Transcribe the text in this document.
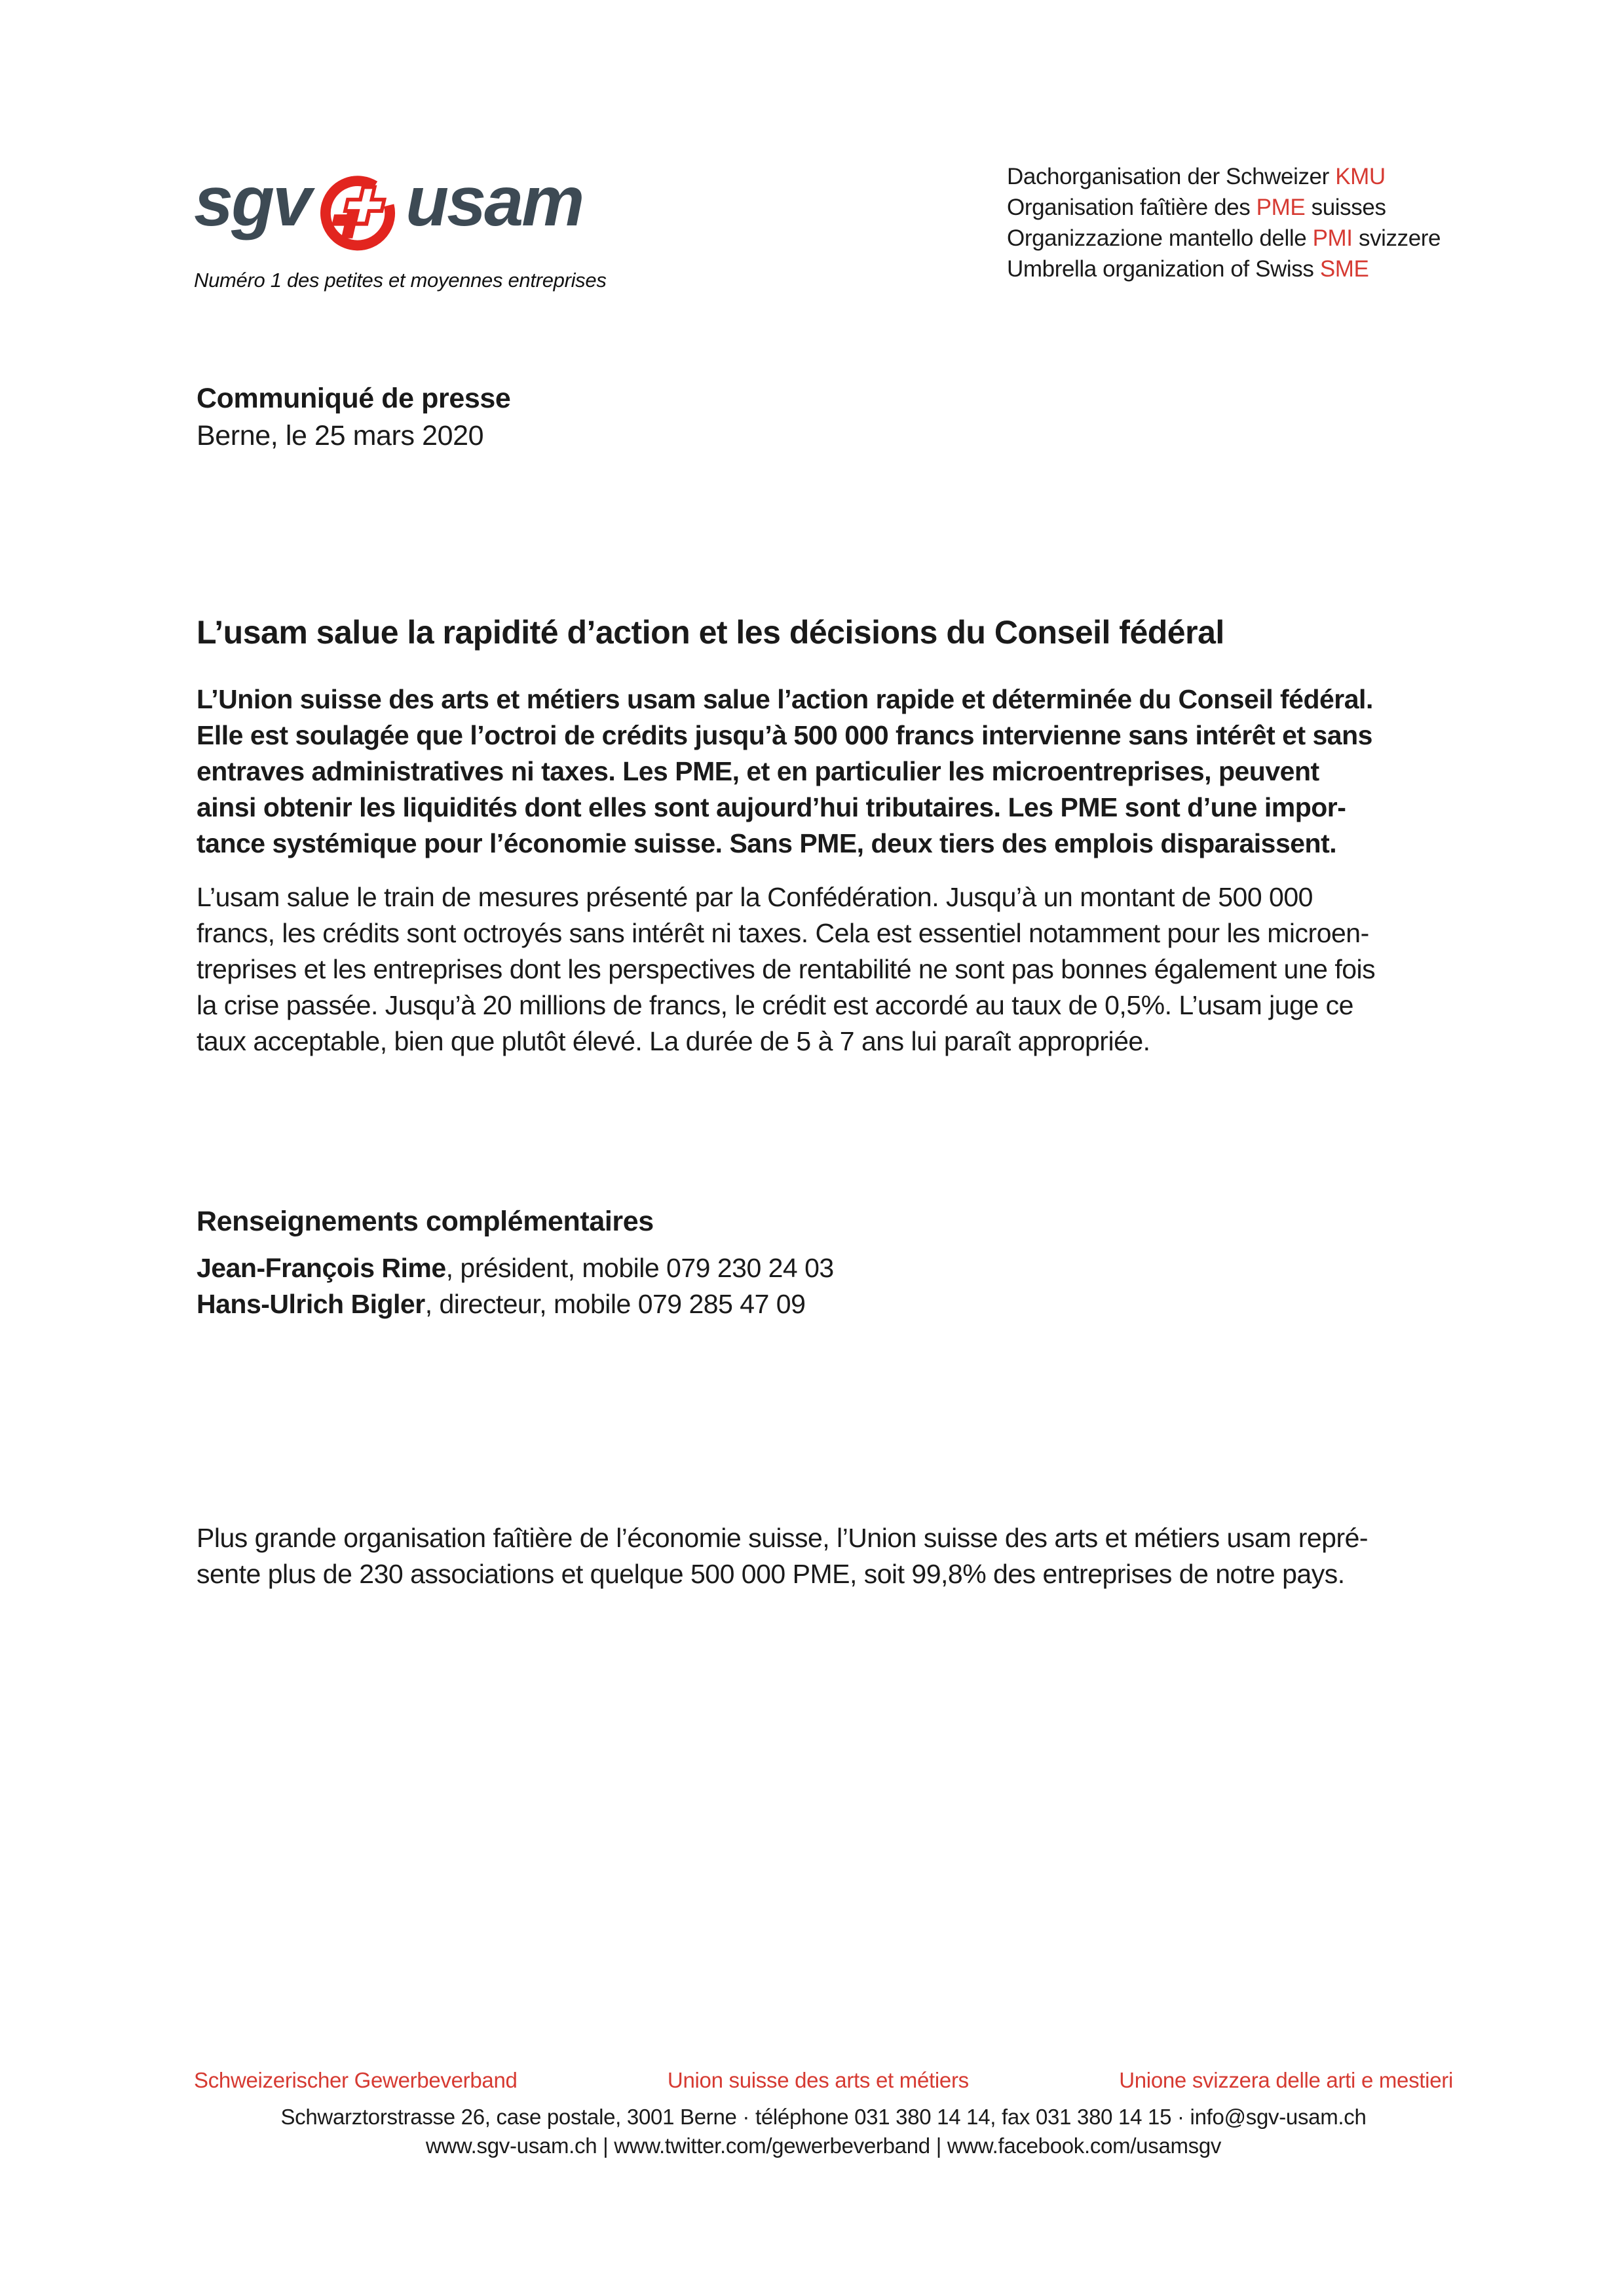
sgv usam
Numéro 1 des petites et moyennes entreprises
Dachorganisation der Schweizer KMU
Organisation faîtière des PME suisses
Organizzazione mantello delle PMI svizzere
Umbrella organization of Swiss SME
Communiqué de presse
Berne, le 25 mars 2020
L’usam salue la rapidité d’action et les décisions du Conseil fédéral
L’Union suisse des arts et métiers usam salue l’action rapide et déterminée du Conseil fédéral.
Elle est soulagée que l’octroi de crédits jusqu’à 500 000 francs intervienne sans intérêt et sans
entraves administratives ni taxes. Les PME, et en particulier les microentreprises, peuvent
ainsi obtenir les liquidités dont elles sont aujourd’hui tributaires. Les PME sont d’une impor-
tance systémique pour l’économie suisse. Sans PME, deux tiers des emplois disparaissent.
L’usam salue le train de mesures présenté par la Confédération. Jusqu’à un montant de 500 000
francs, les crédits sont octroyés sans intérêt ni taxes. Cela est essentiel notamment pour les microen-
treprises et les entreprises dont les perspectives de rentabilité ne sont pas bonnes également une fois
la crise passée. Jusqu’à 20 millions de francs, le crédit est accordé au taux de 0,5%. L’usam juge ce
taux acceptable, bien que plutôt élevé. La durée de 5 à 7 ans lui paraît appropriée.
Renseignements complémentaires
Jean-François Rime, président, mobile 079 230 24 03
Hans-Ulrich Bigler, directeur, mobile 079 285 47 09
Plus grande organisation faîtière de l’économie suisse, l’Union suisse des arts et métiers usam repré-
sente plus de 230 associations et quelque 500 000 PME, soit 99,8% des entreprises de notre pays.
Schweizerischer Gewerbeverband	Union suisse des arts et métiers	Unione svizzera delle arti e mestieri
Schwarztorstrasse 26, case postale, 3001 Berne · téléphone 031 380 14 14, fax 031 380 14 15 · info@sgv-usam.ch
www.sgv-usam.ch | www.twitter.com/gewerbeverband | www.facebook.com/usamsgv
